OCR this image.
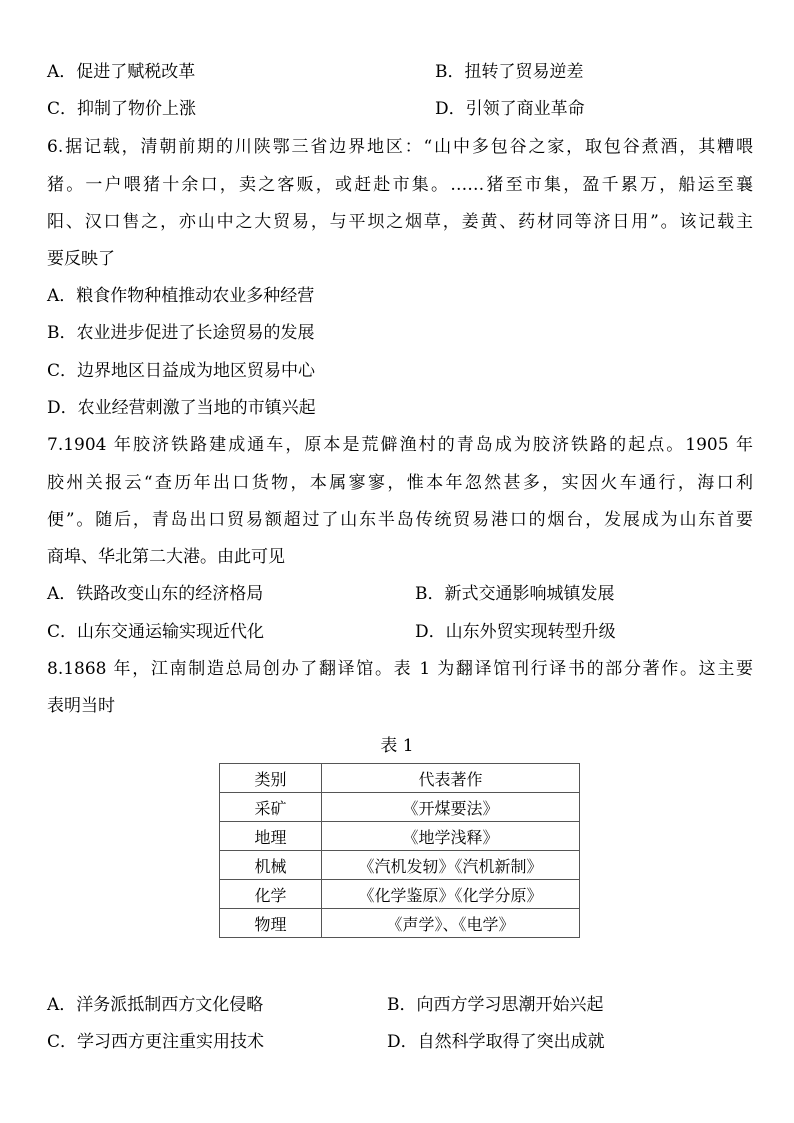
A．促进了赋税改革	B．扭转了贸易逆差
C．抑制了物价上涨	D．引领了商业革命
6.据记载，清朝前期的川陕鄂三省边界地区：“山中多包谷之家，取包谷煮酒，其糟喂
猪。一户喂猪十余口，卖之客贩，或赶赴市集。……猪至市集，盈千累万，船运至襄
阳、汉口售之，亦山中之大贸易，与平坝之烟草，姜黄、药材同等济日用”。该记载主
要反映了
A．粮食作物种植推动农业多种经营
B．农业进步促进了长途贸易的发展
C．边界地区日益成为地区贸易中心
D．农业经营刺激了当地的市镇兴起
7.1904 年胶济铁路建成通车，原本是荒僻渔村的青岛成为胶济铁路的起点。1905 年
胶州关报云“查历年出口货物，本属寥寥，惟本年忽然甚多，实因火车通行，海口利
便”。随后，青岛出口贸易额超过了山东半岛传统贸易港口的烟台，发展成为山东首要
商埠、华北第二大港。由此可见
A．铁路改变山东的经济格局	B．新式交通影响城镇发展
C．山东交通运输实现近代化	D．山东外贸实现转型升级
8.1868 年，江南制造总局创办了翻译馆。表 1 为翻译馆刊行译书的部分著作。这主要
表明当时
表 1
类别	代表著作
采矿	《开煤要法》
地理	《地学浅释》
机械	《汽机发轫》《汽机新制》
化学	《化学鉴原》《化学分原》
物理	《声学》、《电学》
A．洋务派抵制西方文化侵略	B．向西方学习思潮开始兴起
C．学习西方更注重实用技术	D．自然科学取得了突出成就
